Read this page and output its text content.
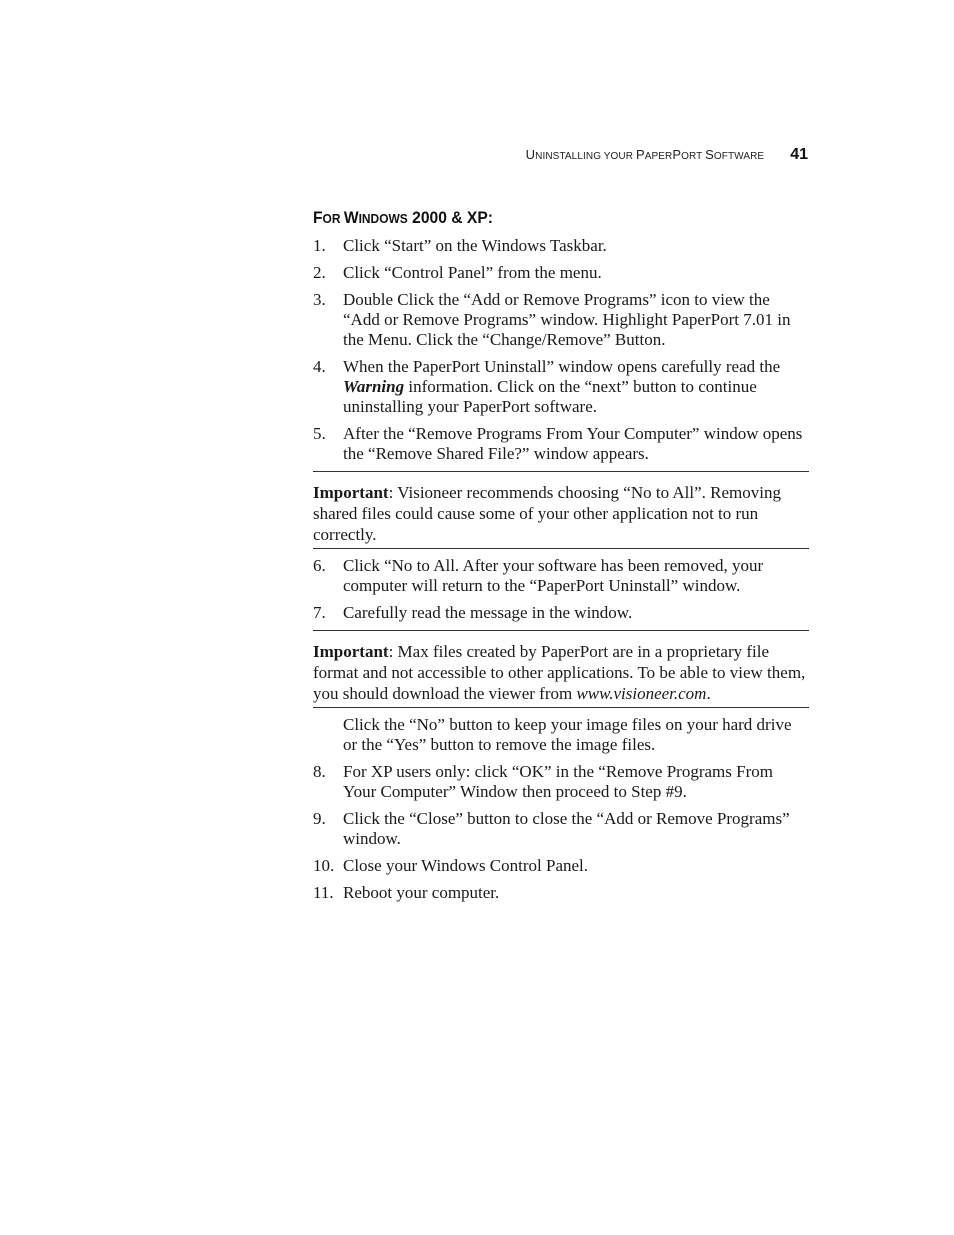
UNINSTALLING YOUR PAPERPORT SOFTWARE 41
FOR WINDOWS 2000 & XP:
1.	Click “Start” on the Windows Taskbar.
2.	Click “Control Panel” from the menu.
3.	Double Click the “Add or Remove Programs” icon to view the “Add or Remove Programs” window. Highlight PaperPort 7.01 in the Menu. Click the “Change/Remove” Button.
4.	When the PaperPort Uninstall” window opens carefully read the Warning information. Click on the “next” button to continue uninstalling your PaperPort software.
5.	After the “Remove Programs From Your Computer” window opens the “Remove Shared File?” window appears.
Important: Visioneer recommends choosing “No to All”. Removing shared files could cause some of your other application not to run correctly.
6.	Click “No to All. After your software has been removed, your computer will return to the “PaperPort Uninstall” window.
7.	Carefully read the message in the window.
Important: Max files created by PaperPort are in a proprietary file format and not accessible to other applications. To be able to view them, you should download the viewer from www.visioneer.com.
Click the “No” button to keep your image files on your hard drive or the “Yes” button to remove the image files.
8.	For XP users only: click “OK” in the “Remove Programs From Your Computer” Window then proceed to Step #9.
9.	Click the “Close” button to close the “Add or Remove Programs” window.
10. Close your Windows Control Panel.
11. Reboot your computer.
